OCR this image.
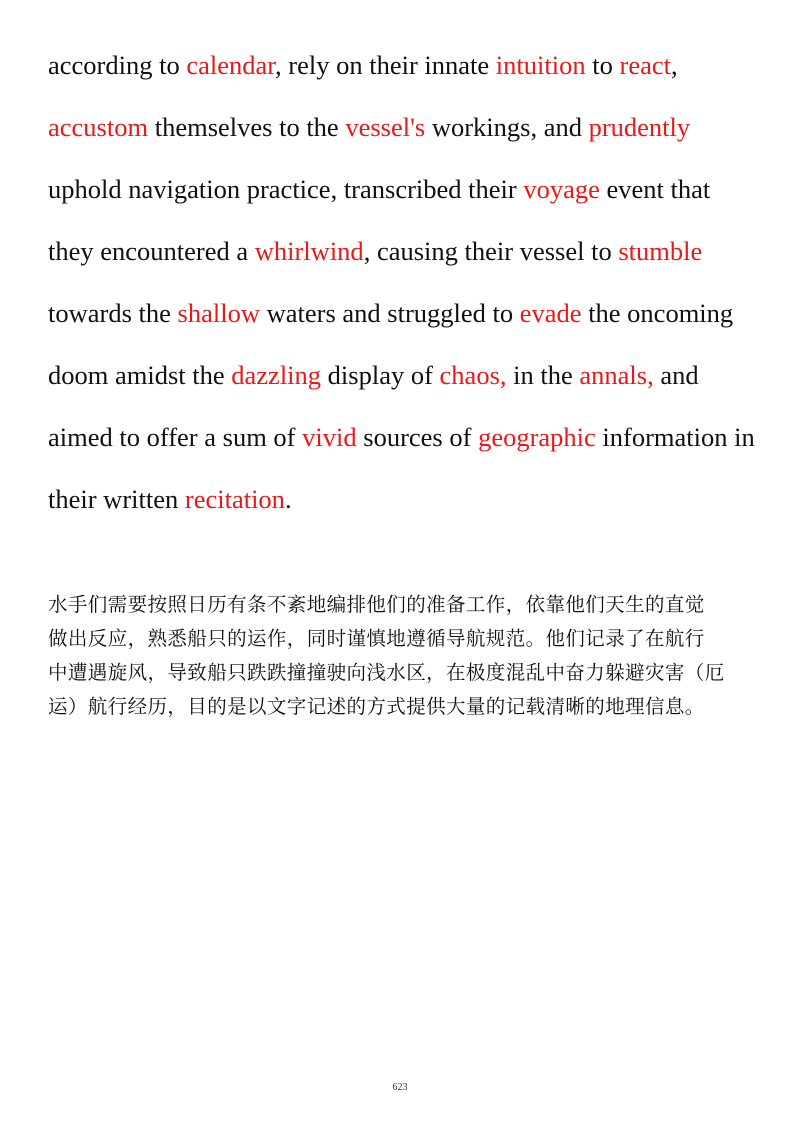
according to calendar, rely on their innate intuition to react,
accustom themselves to the vessel's workings, and prudently
uphold navigation practice, transcribed their voyage event that
they encountered a whirlwind, causing their vessel to stumble
towards the shallow waters and struggled to evade the oncoming
doom amidst the dazzling display of chaos, in the annals, and
aimed to offer a sum of vivid sources of geographic information in
their written recitation.
水手们需要按照日历有条不紊地编排他们的准备工作，依靠他们天生的直觉
做出反应，熟悉船只的运作，同时谨慎地遵循导航规范。他们记录了在航行
中遭遇旋风，导致船只跌跌撞撞驶向浅水区，在极度混乱中奋力躲避灾害（厄
运）航行经历，目的是以文字记述的方式提供大量的记载清晰的地理信息。
623
